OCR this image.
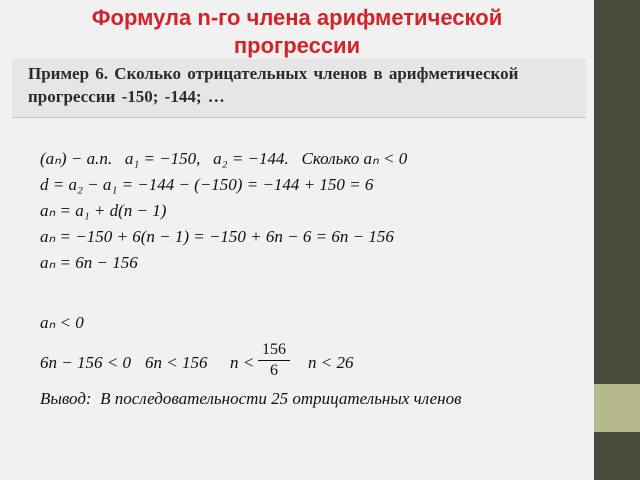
Формула n-го члена арифметической
прогрессии
Пример 6. Сколько отрицательных членов в арифметической
прогрессии -150; -144; …
(aₙ) − а.п.   a₁ = −150,   a₂ = −144.   Сколько aₙ < 0
d = a₂ − a₁ = −144 − (−150) = −144 + 150 = 6
aₙ = a₁ + d(n − 1)
aₙ = −150 + 6(n − 1) = −150 + 6n − 6 = 6n − 156
aₙ = 6n − 156
aₙ < 0
6n − 156 < 0 6n < 156 n <
156
6	n < 26
Вывод:  В последовательности 25 отрицательных членов
